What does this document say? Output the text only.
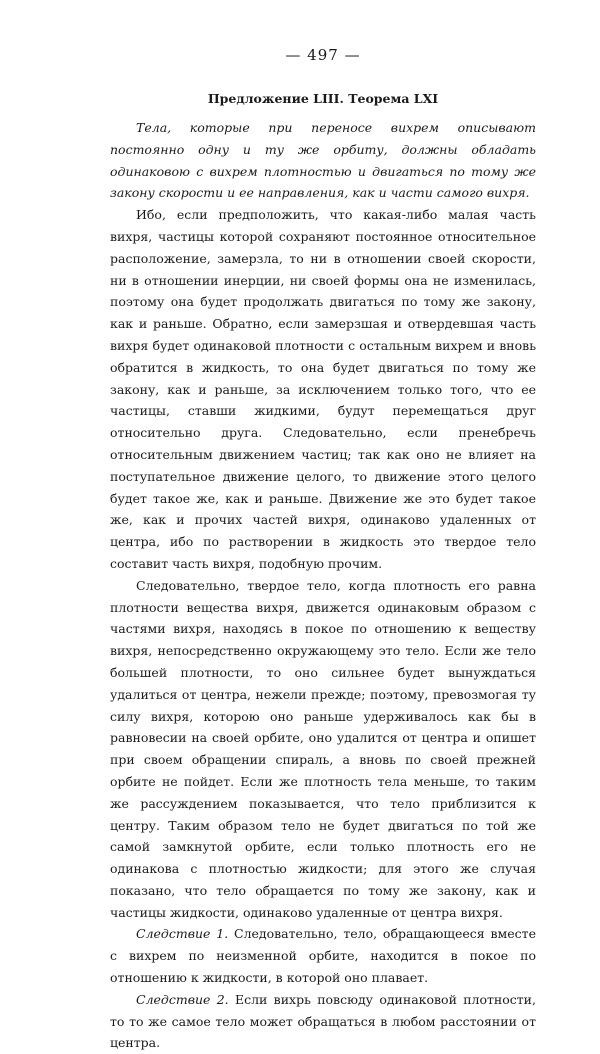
— 497 —
Предложение LIII. Теорема LXI

Тела, которые при переносе вихрем описывают постоянно одну и ту же орбиту, должны обладать одинаковою с вихрем плотностью и двигаться по тому же закону скорости и ее направления, как и части самого вихря.

Ибо, если предположить, что какая-либо малая часть вихря, частицы которой сохраняют постоянное относительное расположение, замерзла, то ни в отношении своей скорости, ни в отношении инерции, ни своей формы она не изменилась, поэтому она будет продолжать двигаться по тому же закону, как и раньше. Обратно, если замерзшая и отвердевшая часть вихря будет одинаковой плотности с остальным вихрем и вновь обратится в жидкость, то она будет двигаться по тому же закону, как и раньше, за исключением только того, что ее частицы, ставши жидкими, будут перемещаться друг относительно друга. Следовательно, если пренебречь относительным движением частиц; так как оно не влияет на поступательное движение целого, то движение этого целого будет такое же, как и раньше. Движение же это будет такое же, как и прочих частей вихря, одинаково удаленных от центра, ибо по растворении в жидкость это твердое тело составит часть вихря, подобную прочим.

Следовательно, твердое тело, когда плотность его равна плотности вещества вихря, движется одинаковым образом с частями вихря, находясь в покое по отношению к веществу вихря, непосредственно окружающему это тело. Если же тело большей плотности, то оно сильнее будет вынуждаться удалиться от центра, нежели прежде; поэтому, превозмогая ту силу вихря, которою оно раньше удерживалось как бы в равновесии на своей орбите, оно удалится от центра и опишет при своем обращении спираль, а вновь по своей прежней орбите не пойдет. Если же плотность тела меньше, то таким же рассуждением показывается, что тело приблизится к центру. Таким образом тело не будет двигаться по той же самой замкнутой орбите, если только плотность его не одинакова с плотностью жидкости; для этого же случая показано, что тело обращается по тому же закону, как и частицы жидкости, одинаково удаленные от центра вихря.

Следствие 1. Следовательно, тело, обращающееся вместе с вихрем по неизменной орбите, находится в покое по отношению к жидкости, в которой оно плавает.

Следствие 2. Если вихрь повсюду одинаковой плотности, то то же самое тело может обращаться в любом расстоянии от центра.
